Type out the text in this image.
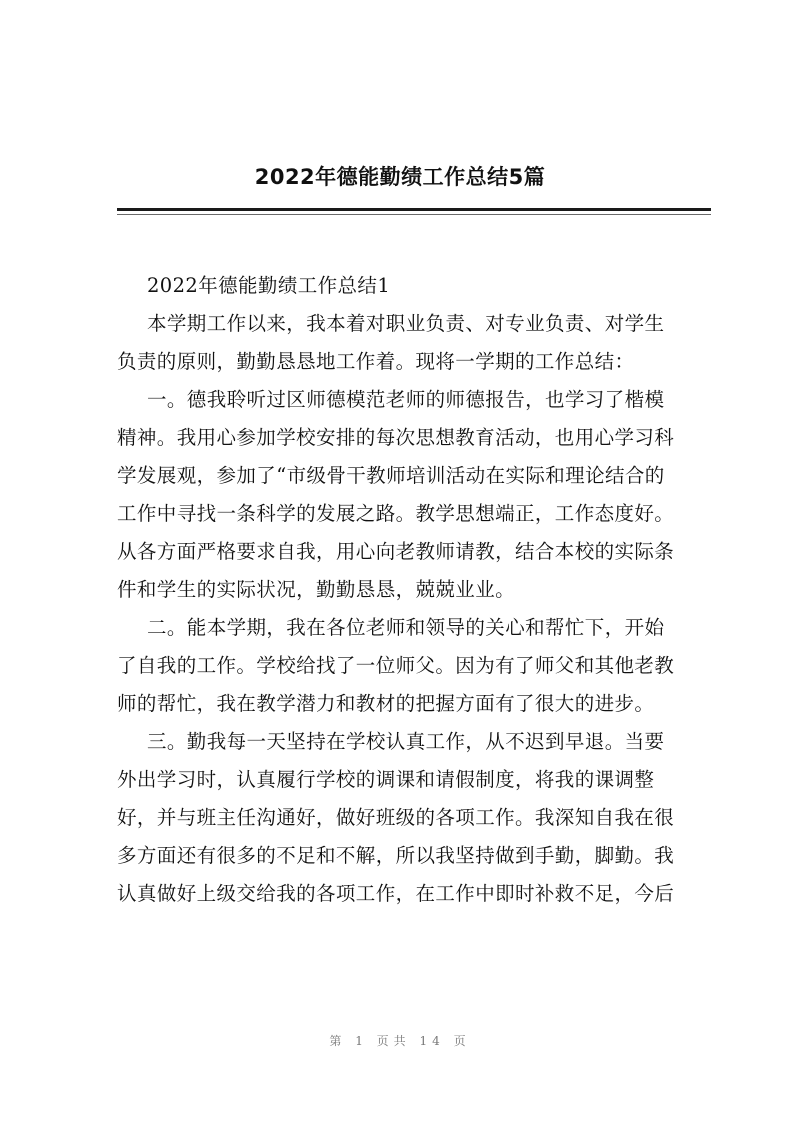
2022年德能勤绩工作总结5篇
2022年德能勤绩工作总结1
本学期工作以来，我本着对职业负责、对专业负责、对学生
负责的原则，勤勤恳恳地工作着。现将一学期的工作总结：
一。德我聆听过区师德模范老师的师德报告，也学习了楷模
精神。我用心参加学校安排的每次思想教育活动，也用心学习科
学发展观，参加了“市级骨干教师培训活动在实际和理论结合的
工作中寻找一条科学的发展之路。教学思想端正，工作态度好。
从各方面严格要求自我，用心向老教师请教，结合本校的实际条
件和学生的实际状况，勤勤恳恳，兢兢业业。
二。能本学期，我在各位老师和领导的关心和帮忙下，开始
了自我的工作。学校给找了一位师父。因为有了师父和其他老教
师的帮忙，我在教学潜力和教材的把握方面有了很大的进步。
三。勤我每一天坚持在学校认真工作，从不迟到早退。当要
外出学习时，认真履行学校的调课和请假制度，将我的课调整
好，并与班主任沟通好，做好班级的各项工作。我深知自我在很
多方面还有很多的不足和不解，所以我坚持做到手勤，脚勤。我
认真做好上级交给我的各项工作，在工作中即时补救不足，今后
第 1 页共 14 页
